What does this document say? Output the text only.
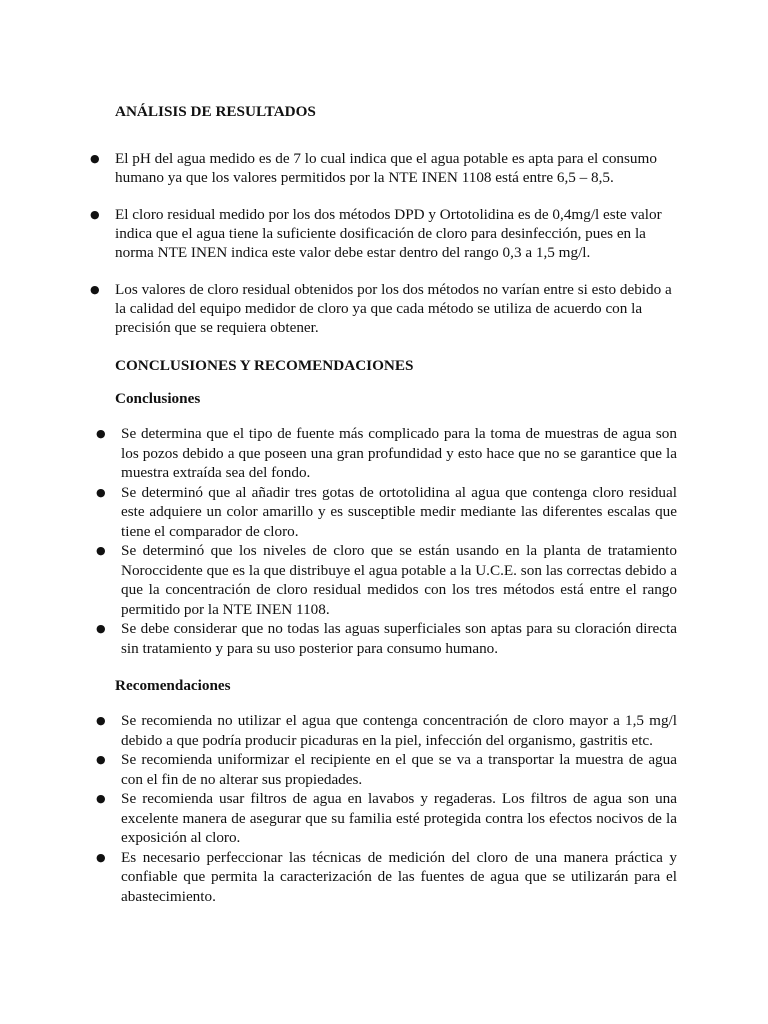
ANÁLISIS DE RESULTADOS
● El pH del agua medido es de 7 lo cual indica que el agua potable es apta para el consumo humano ya que los valores permitidos por la NTE INEN 1108 está entre 6,5 – 8,5.
● El cloro residual medido por los dos métodos DPD y Ortotolidina es de 0,4mg/l este valor indica que el agua tiene la suficiente dosificación de cloro para desinfección, pues en la norma NTE INEN indica este valor debe estar dentro del rango 0,3 a 1,5 mg/l.
● Los valores de cloro residual obtenidos por los dos métodos no varían entre si esto debido a la calidad del equipo medidor de cloro ya que cada método se utiliza de acuerdo con la precisión que se requiera obtener.
CONCLUSIONES Y RECOMENDACIONES
Conclusiones
● Se determina que el tipo de fuente más complicado para la toma de muestras de agua son los pozos debido a que poseen una gran profundidad y esto hace que no se garantice que la muestra extraída sea del fondo.
● Se determinó que al añadir tres gotas de ortotolidina al agua que contenga cloro residual este adquiere un color amarillo y es susceptible medir mediante las diferentes escalas que tiene el comparador de cloro.
● Se determinó que los niveles de cloro que se están usando en la planta de tratamiento Noroccidente que es la que distribuye el agua potable a la U.C.E. son las correctas debido a que la concentración de cloro residual medidos con los tres métodos está entre el rango permitido por la NTE INEN 1108.
● Se debe considerar que no todas las aguas superficiales son aptas para su cloración directa sin tratamiento y para su uso posterior para consumo humano.
Recomendaciones
● Se recomienda no utilizar el agua que contenga concentración de cloro mayor a 1,5 mg/l debido a que podría producir picaduras en la piel, infección del organismo, gastritis etc.
● Se recomienda uniformizar el recipiente en el que se va a transportar la muestra de agua con el fin de no alterar sus propiedades.
● Se recomienda usar filtros de agua en lavabos y regaderas. Los filtros de agua son una excelente manera de asegurar que su familia esté protegida contra los efectos nocivos de la exposición al cloro.
● Es necesario perfeccionar las técnicas de medición del cloro de una manera práctica y confiable que permita la caracterización de las fuentes de agua que se utilizarán para el abastecimiento.
